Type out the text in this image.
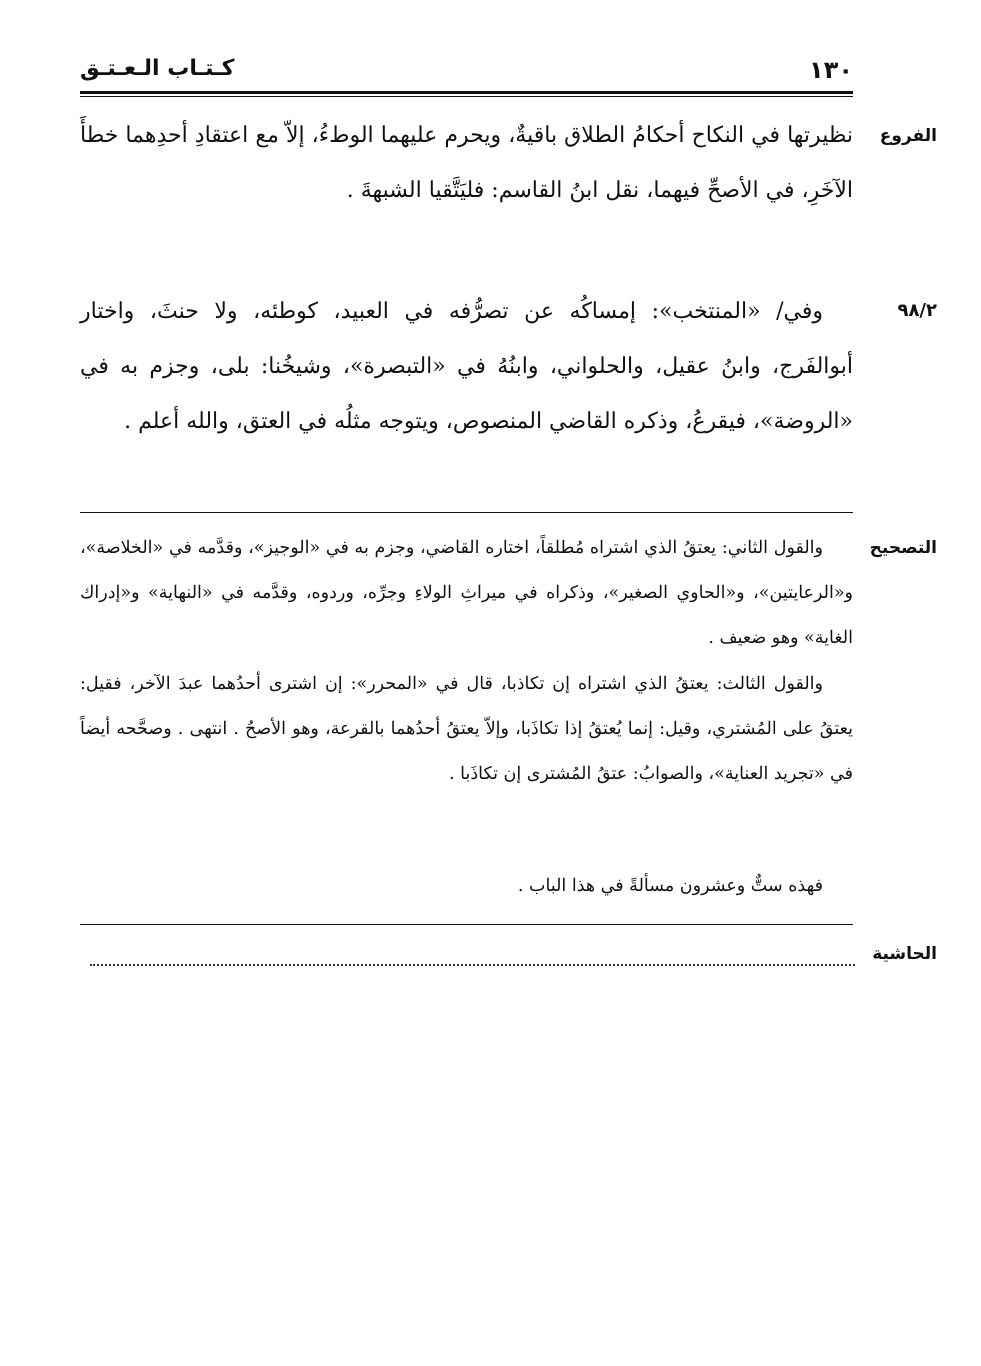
١٣٠
كـتـاب الـعـتـق
الفروع
٩٨/٢
التصحيح
الحاشية

نظيرتها في النكاح أحكامُ الطلاق باقيةٌ، ويحرم عليهما الوطءُ، إلاّ مع اعتقادِ أحدِهما خطأَ الآخَرِ، في الأصحِّ فيهما، نقل ابنُ القاسم: فليَتَّقيا الشبهةَ .

وفي/ «المنتخب»: إمساكُه عن تصرُّفه في العبيد، كوطئه، ولا حنثَ، واختار أبوالفَرج، وابنُ عقيل، والحلواني، وابنُهُ في «التبصرة»، وشيخُنا: بلى، وجزم به في «الروضة»، فيقرعُ، وذكره القاضي المنصوص، ويتوجه مثلُه في العتق، والله أعلم .

والقول الثاني: يعتقُ الذي اشتراه مُطلقاً، اختاره القاضي، وجزم به في «الوجيز»، وقدَّمه في «الخلاصة»، و«الرعايتين»، و«الحاوي الصغير»، وذكراه في ميراثِ الولاءِ وجرِّه، وردوه، وقدَّمه في «النهاية» و«إدراك الغاية» وهو ضعيف .

والقول الثالث: يعتقُ الذي اشتراه إن تكاذبا، قال في «المحرر»: إن اشترى أحدُهما عبدَ الآخر، فقيل: يعتقُ على المُشتري، وقيل: إنما يُعتقُ إذا تكاذَبا، وإلاّ يعتقُ أحدُهما بالقرعة، وهو الأصحُ . انتهى . وصحَّحه أيضاً في «تجريد العناية»، والصوابُ: عتقُ المُشترى إن تكاذَبا .

فهذه ستٌّ وعشرون مسألةً في هذا الباب .
